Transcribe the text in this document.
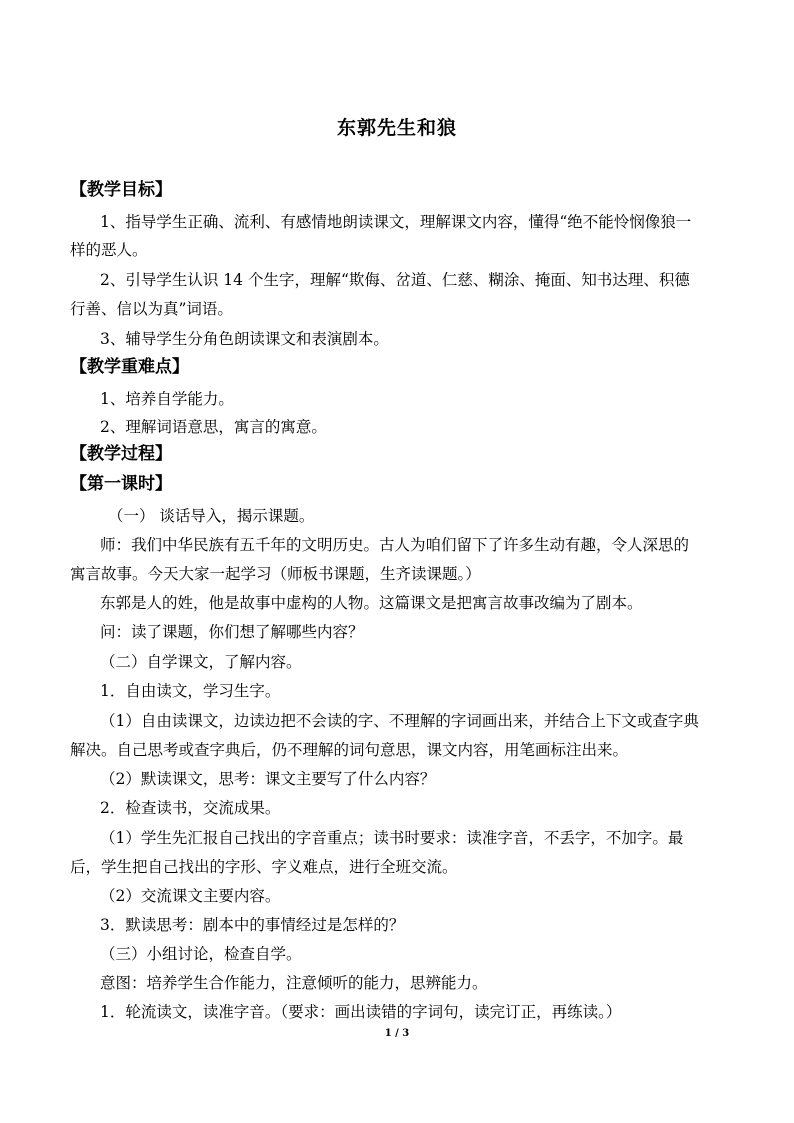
东郭先生和狼
【教学目标】
1、指导学生正确、流利、有感情地朗读课文，理解课文内容，懂得“绝不能怜悯像狼一
样的恶人。
2、引导学生认识 14 个生字，理解“欺侮、岔道、仁慈、糊涂、掩面、知书达理、积德
行善、信以为真”词语。
3、辅导学生分角色朗读课文和表演剧本。
【教学重难点】
1、培养自学能力。
2、理解词语意思，寓言的寓意。
【教学过程】
【第一课时】
（一） 谈话导入，揭示课题。
师：我们中华民族有五千年的文明历史。古人为咱们留下了许多生动有趣，令人深思的
寓言故事。今天大家一起学习（师板书课题，生齐读课题。）
东郭是人的姓，他是故事中虚构的人物。这篇课文是把寓言故事改编为了剧本。
问：读了课题，你们想了解哪些内容？
（二）自学课文，了解内容。
1．自由读文，学习生字。
（1）自由读课文，边读边把不会读的字、不理解的字词画出来，并结合上下文或查字典
解决。自己思考或查字典后，仍不理解的词句意思，课文内容，用笔画标注出来。
（2）默读课文，思考：课文主要写了什么内容？
2．检查读书，交流成果。
（1）学生先汇报自己找出的字音重点；读书时要求：读准字音，不丢字，不加字。最
后，学生把自己找出的字形、字义难点，进行全班交流。
（2）交流课文主要内容。
3．默读思考：剧本中的事情经过是怎样的？
（三）小组讨论，检查自学。
意图：培养学生合作能力，注意倾听的能力，思辨能力。
1．轮流读文，读准字音。（要求：画出读错的字词句，读完订正，再练读。）
1 / 3
